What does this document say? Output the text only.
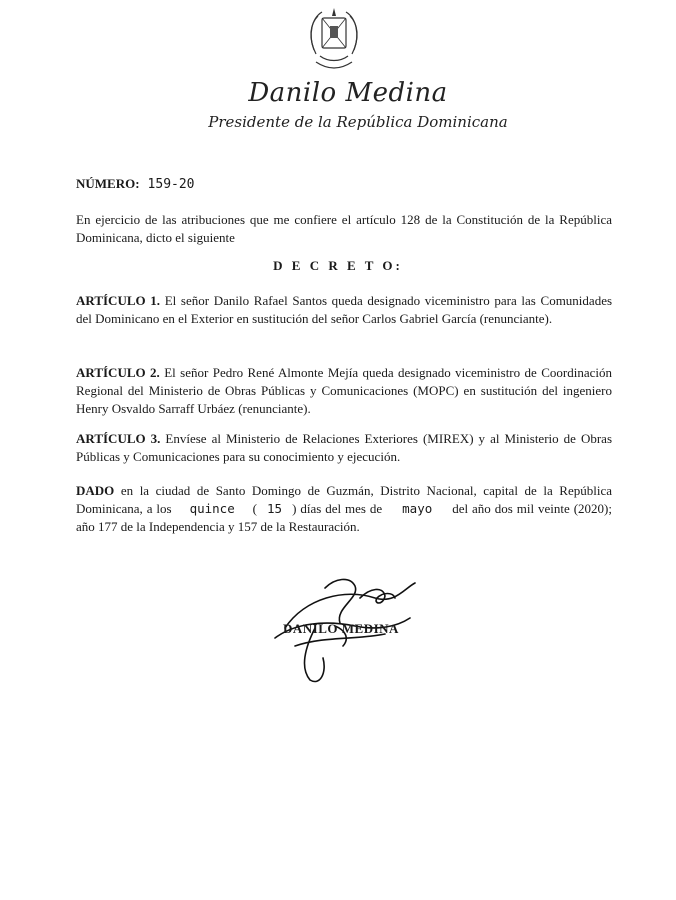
Danilo Medina
Presidente de la República Dominicana
NÚMERO: 159-20
En ejercicio de las atribuciones que me confiere el artículo 128 de la Constitución de la República Dominicana, dicto el siguiente
D E C R E T O:
ARTÍCULO 1. El señor Danilo Rafael Santos queda designado viceministro para las Comunidades del Dominicano en el Exterior en sustitución del señor Carlos Gabriel García (renunciante).
ARTÍCULO 2. El señor Pedro René Almonte Mejía queda designado viceministro de Coordinación Regional del Ministerio de Obras Públicas y Comunicaciones (MOPC) en sustitución del ingeniero Henry Osvaldo Sarraff Urbáez (renunciante).
ARTÍCULO 3. Envíese al Ministerio de Relaciones Exteriores (MIREX) y al Ministerio de Obras Públicas y Comunicaciones para su conocimiento y ejecución.
DADO en la ciudad de Santo Domingo de Guzmán, Distrito Nacional, capital de la República Dominicana, a los quince ( 15 ) días del mes de mayo del año dos mil veinte (2020); año 177 de la Independencia y 157 de la Restauración.
DANILO MEDINA
